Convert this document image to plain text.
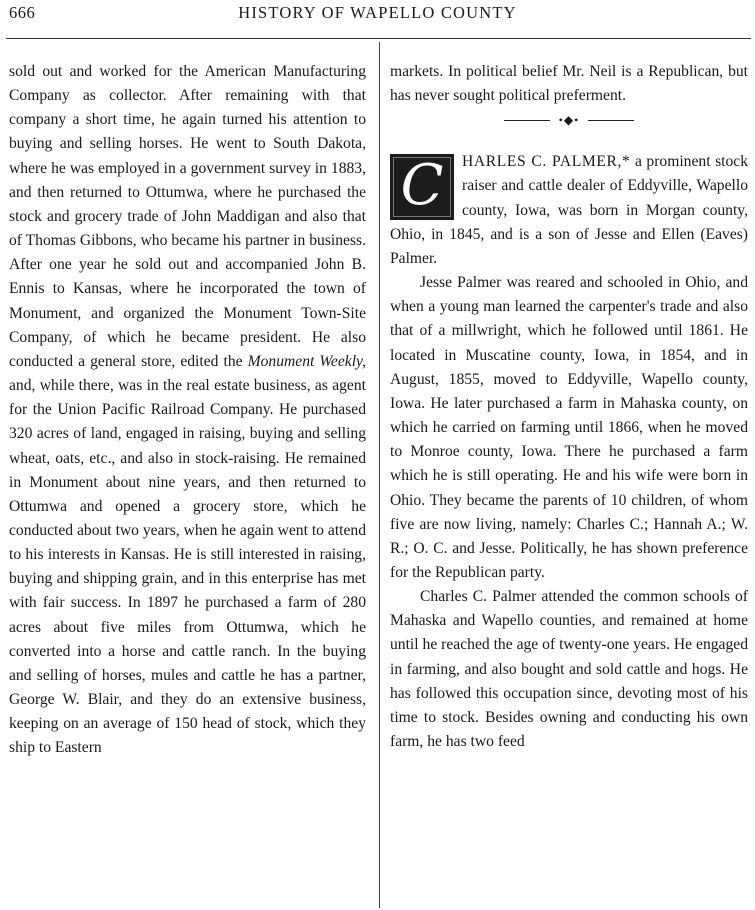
666	HISTORY OF WAPELLO COUNTY

sold out and worked for the American Manufacturing Company as collector. After remaining with that company a short time, he again turned his attention to buying and selling horses. He went to South Dakota, where he was employed in a government survey in 1883, and then returned to Ottumwa, where he purchased the stock and grocery trade of John Maddigan and also that of Thomas Gibbons, who became his partner in business. After one year he sold out and accompanied John B. Ennis to Kansas, where he incorporated the town of Monument, and organized the Monument Town-Site Company, of which he became president. He also conducted a general store, edited the Monument Weekly, and, while there, was in the real estate business, as agent for the Union Pacific Railroad Company. He purchased 320 acres of land, engaged in raising, buying and selling wheat, oats, etc., and also in stock-raising. He remained in Monument about nine years, and then returned to Ottumwa and opened a grocery store, which he conducted about two years, when he again went to attend to his interests in Kansas. He is still interested in raising, buying and shipping grain, and in this enterprise has met with fair success. In 1897 he purchased a farm of 280 acres about five miles from Ottumwa, which he converted into a horse and cattle ranch. In the buying and selling of horses, mules and cattle he has a partner, George W. Blair, and they do an extensive business, keeping on an average of 150 head of stock, which they ship to Eastern

markets. In political belief Mr. Neil is a Republican, but has never sought political preferment.

•◆•

C	HARLES C. PALMER,* a prominent stock raiser and cattle dealer of Eddyville, Wapello county, Iowa, was born in Morgan county, Ohio, in 1845, and is a son of Jesse and Ellen (Eaves) Palmer.

Jesse Palmer was reared and schooled in Ohio, and when a young man learned the carpenter's trade and also that of a millwright, which he followed until 1861. He located in Muscatine county, Iowa, in 1854, and in August, 1855, moved to Eddyville, Wapello county, Iowa. He later purchased a farm in Mahaska county, on which he carried on farming until 1866, when he moved to Monroe county, Iowa. There he purchased a farm which he is still operating. He and his wife were born in Ohio. They became the parents of 10 children, of whom five are now living, namely: Charles C.; Hannah A.; W. R.; O. C. and Jesse. Politically, he has shown preference for the Republican party.

Charles C. Palmer attended the common schools of Mahaska and Wapello counties, and remained at home until he reached the age of twenty-one years. He engaged in farming, and also bought and sold cattle and hogs. He has followed this occupation since, devoting most of his time to stock. Besides owning and conducting his own farm, he has two feed
